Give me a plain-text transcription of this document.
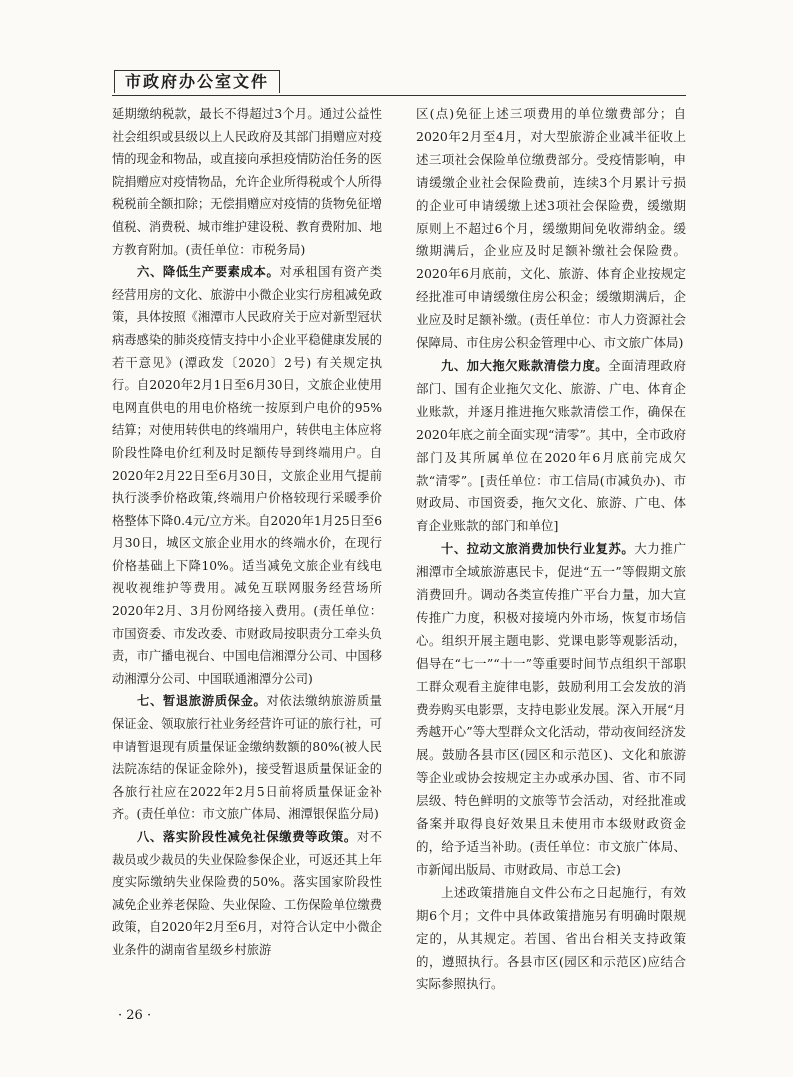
市政府办公室文件

延期缴纳税款，最长不得超过3个月。通过公益性社会组织或县级以上人民政府及其部门捐赠应对疫情的现金和物品，或直接向承担疫情防治任务的医院捐赠应对疫情物品，允许企业所得税或个人所得税税前全额扣除；无偿捐赠应对疫情的货物免征增值税、消费税、城市维护建设税、教育费附加、地方教育附加。(责任单位：市税务局)

六、降低生产要素成本。对承租国有资产类经营用房的文化、旅游中小微企业实行房租减免政策，具体按照《湘潭市人民政府关于应对新型冠状病毒感染的肺炎疫情支持中小企业平稳健康发展的若干意见》(潭政发〔2020〕2号) 有关规定执行。自2020年2月1日至6月30日，文旅企业使用电网直供电的用电价格统一按原到户电价的95%结算；对使用转供电的终端用户，转供电主体应将阶段性降电价红利及时足额传导到终端用户。自2020年2月22日至6月30日，文旅企业用气提前执行淡季价格政策,终端用户价格较现行采暖季价格整体下降0.4元/立方米。自2020年1月25日至6月30日，城区文旅企业用水的终端水价，在现行价格基础上下降10%。适当减免文旅企业有线电视收视维护等费用。减免互联网服务经营场所2020年2月、3月份网络接入费用。(责任单位：市国资委、市发改委、市财政局按职责分工牵头负责，市广播电视台、中国电信湘潭分公司、中国移动湘潭分公司、中国联通湘潭分公司)

七、暂退旅游质保金。对依法缴纳旅游质量保证金、领取旅行社业务经营许可证的旅行社，可申请暂退现有质量保证金缴纳数额的80%(被人民法院冻结的保证金除外)，接受暂退质量保证金的各旅行社应在2022年2月5日前将质量保证金补齐。(责任单位：市文旅广体局、湘潭银保监分局)

八、落实阶段性减免社保缴费等政策。对不裁员或少裁员的失业保险参保企业，可返还其上年度实际缴纳失业保险费的50%。落实国家阶段性减免企业养老保险、失业保险、工伤保险单位缴费政策，自2020年2月至6月，对符合认定中小微企业条件的湖南省星级乡村旅游

区(点)免征上述三项费用的单位缴费部分；自2020年2月至4月，对大型旅游企业减半征收上述三项社会保险单位缴费部分。受疫情影响，申请缓缴企业社会保险费前，连续3个月累计亏损的企业可申请缓缴上述3项社会保险费，缓缴期原则上不超过6个月，缓缴期间免收滞纳金。缓缴期满后，企业应及时足额补缴社会保险费。2020年6月底前，文化、旅游、体育企业按规定经批准可申请缓缴住房公积金；缓缴期满后，企业应及时足额补缴。(责任单位：市人力资源社会保障局、市住房公积金管理中心、市文旅广体局)

九、加大拖欠账款清偿力度。全面清理政府部门、国有企业拖欠文化、旅游、广电、体育企业账款，并逐月推进拖欠账款清偿工作，确保在2020年底之前全面实现“清零”。其中，全市政府部门及其所属单位在2020年6月底前完成欠款“清零”。[责任单位：市工信局(市减负办)、市财政局、市国资委，拖欠文化、旅游、广电、体育企业账款的部门和单位]

十、拉动文旅消费加快行业复苏。大力推广湘潭市全域旅游惠民卡，促进“五一”等假期文旅消费回升。调动各类宣传推广平台力量，加大宣传推广力度，积极对接境内外市场，恢复市场信心。组织开展主题电影、党课电影等观影活动，倡导在“七一”“十一”等重要时间节点组织干部职工群众观看主旋律电影，鼓励利用工会发放的消费券购买电影票，支持电影业发展。深入开展“月秀越开心”等大型群众文化活动，带动夜间经济发展。鼓励各县市区(园区和示范区)、文化和旅游等企业或协会按规定主办或承办国、省、市不同层级、特色鲜明的文旅等节会活动，对经批准或备案并取得良好效果且未使用市本级财政资金的，给予适当补助。(责任单位：市文旅广体局、市新闻出版局、市财政局、市总工会)

上述政策措施自文件公布之日起施行，有效期6个月；文件中具体政策措施另有明确时限规定的，从其规定。若国、省出台相关支持政策的，遵照执行。各县市区(园区和示范区)应结合实际参照执行。

· 26 ·
